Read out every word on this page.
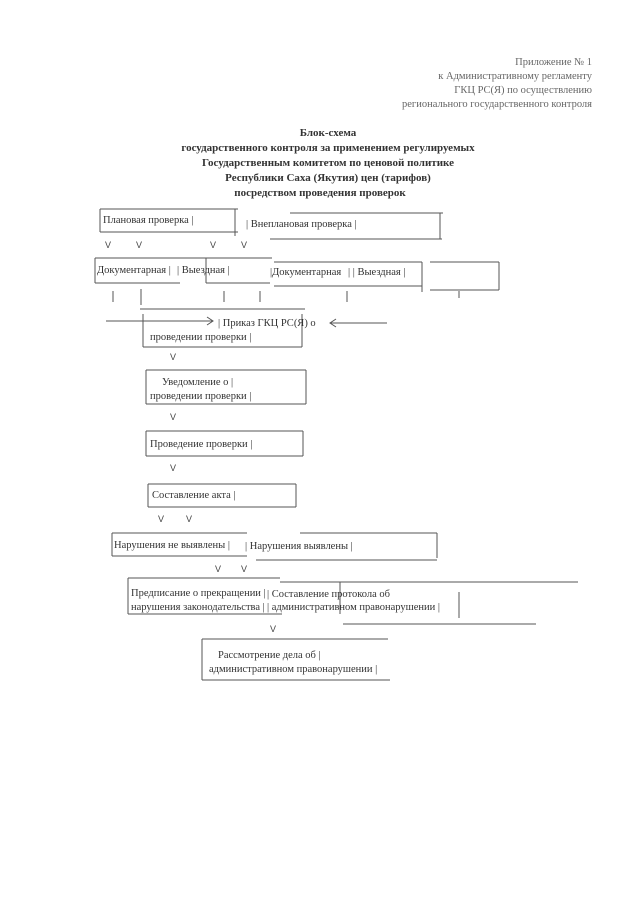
Приложение № 1
к Административному регламенту
ГКЦ РС(Я) по осуществлению
регионального государственного контроля
Блок-схема
государственного контроля за применением регулируемых
Государственным комитетом по ценовой политике
Республики Саха (Якутия) цен (тарифов)
посредством проведения проверок
Плановая проверка |	| Внеплановая проверка |
V	V	V	V
Документарная | | Выездная |	|Документарная | | Выездная |
| Приказ ГКЦ РС(Я) о
проведении проверки |
V
Уведомление о |
проведении проверки |
V
Проведение проверки |
V
Составление акта |
V V
Нарушения не выявлены | | Нарушения выявлены |
V V
Предписание о прекращении |
нарушения законодательства |
| Составление протокола об
| административном правонарушении |
V
Рассмотрение дела об |
административном правонарушении |
